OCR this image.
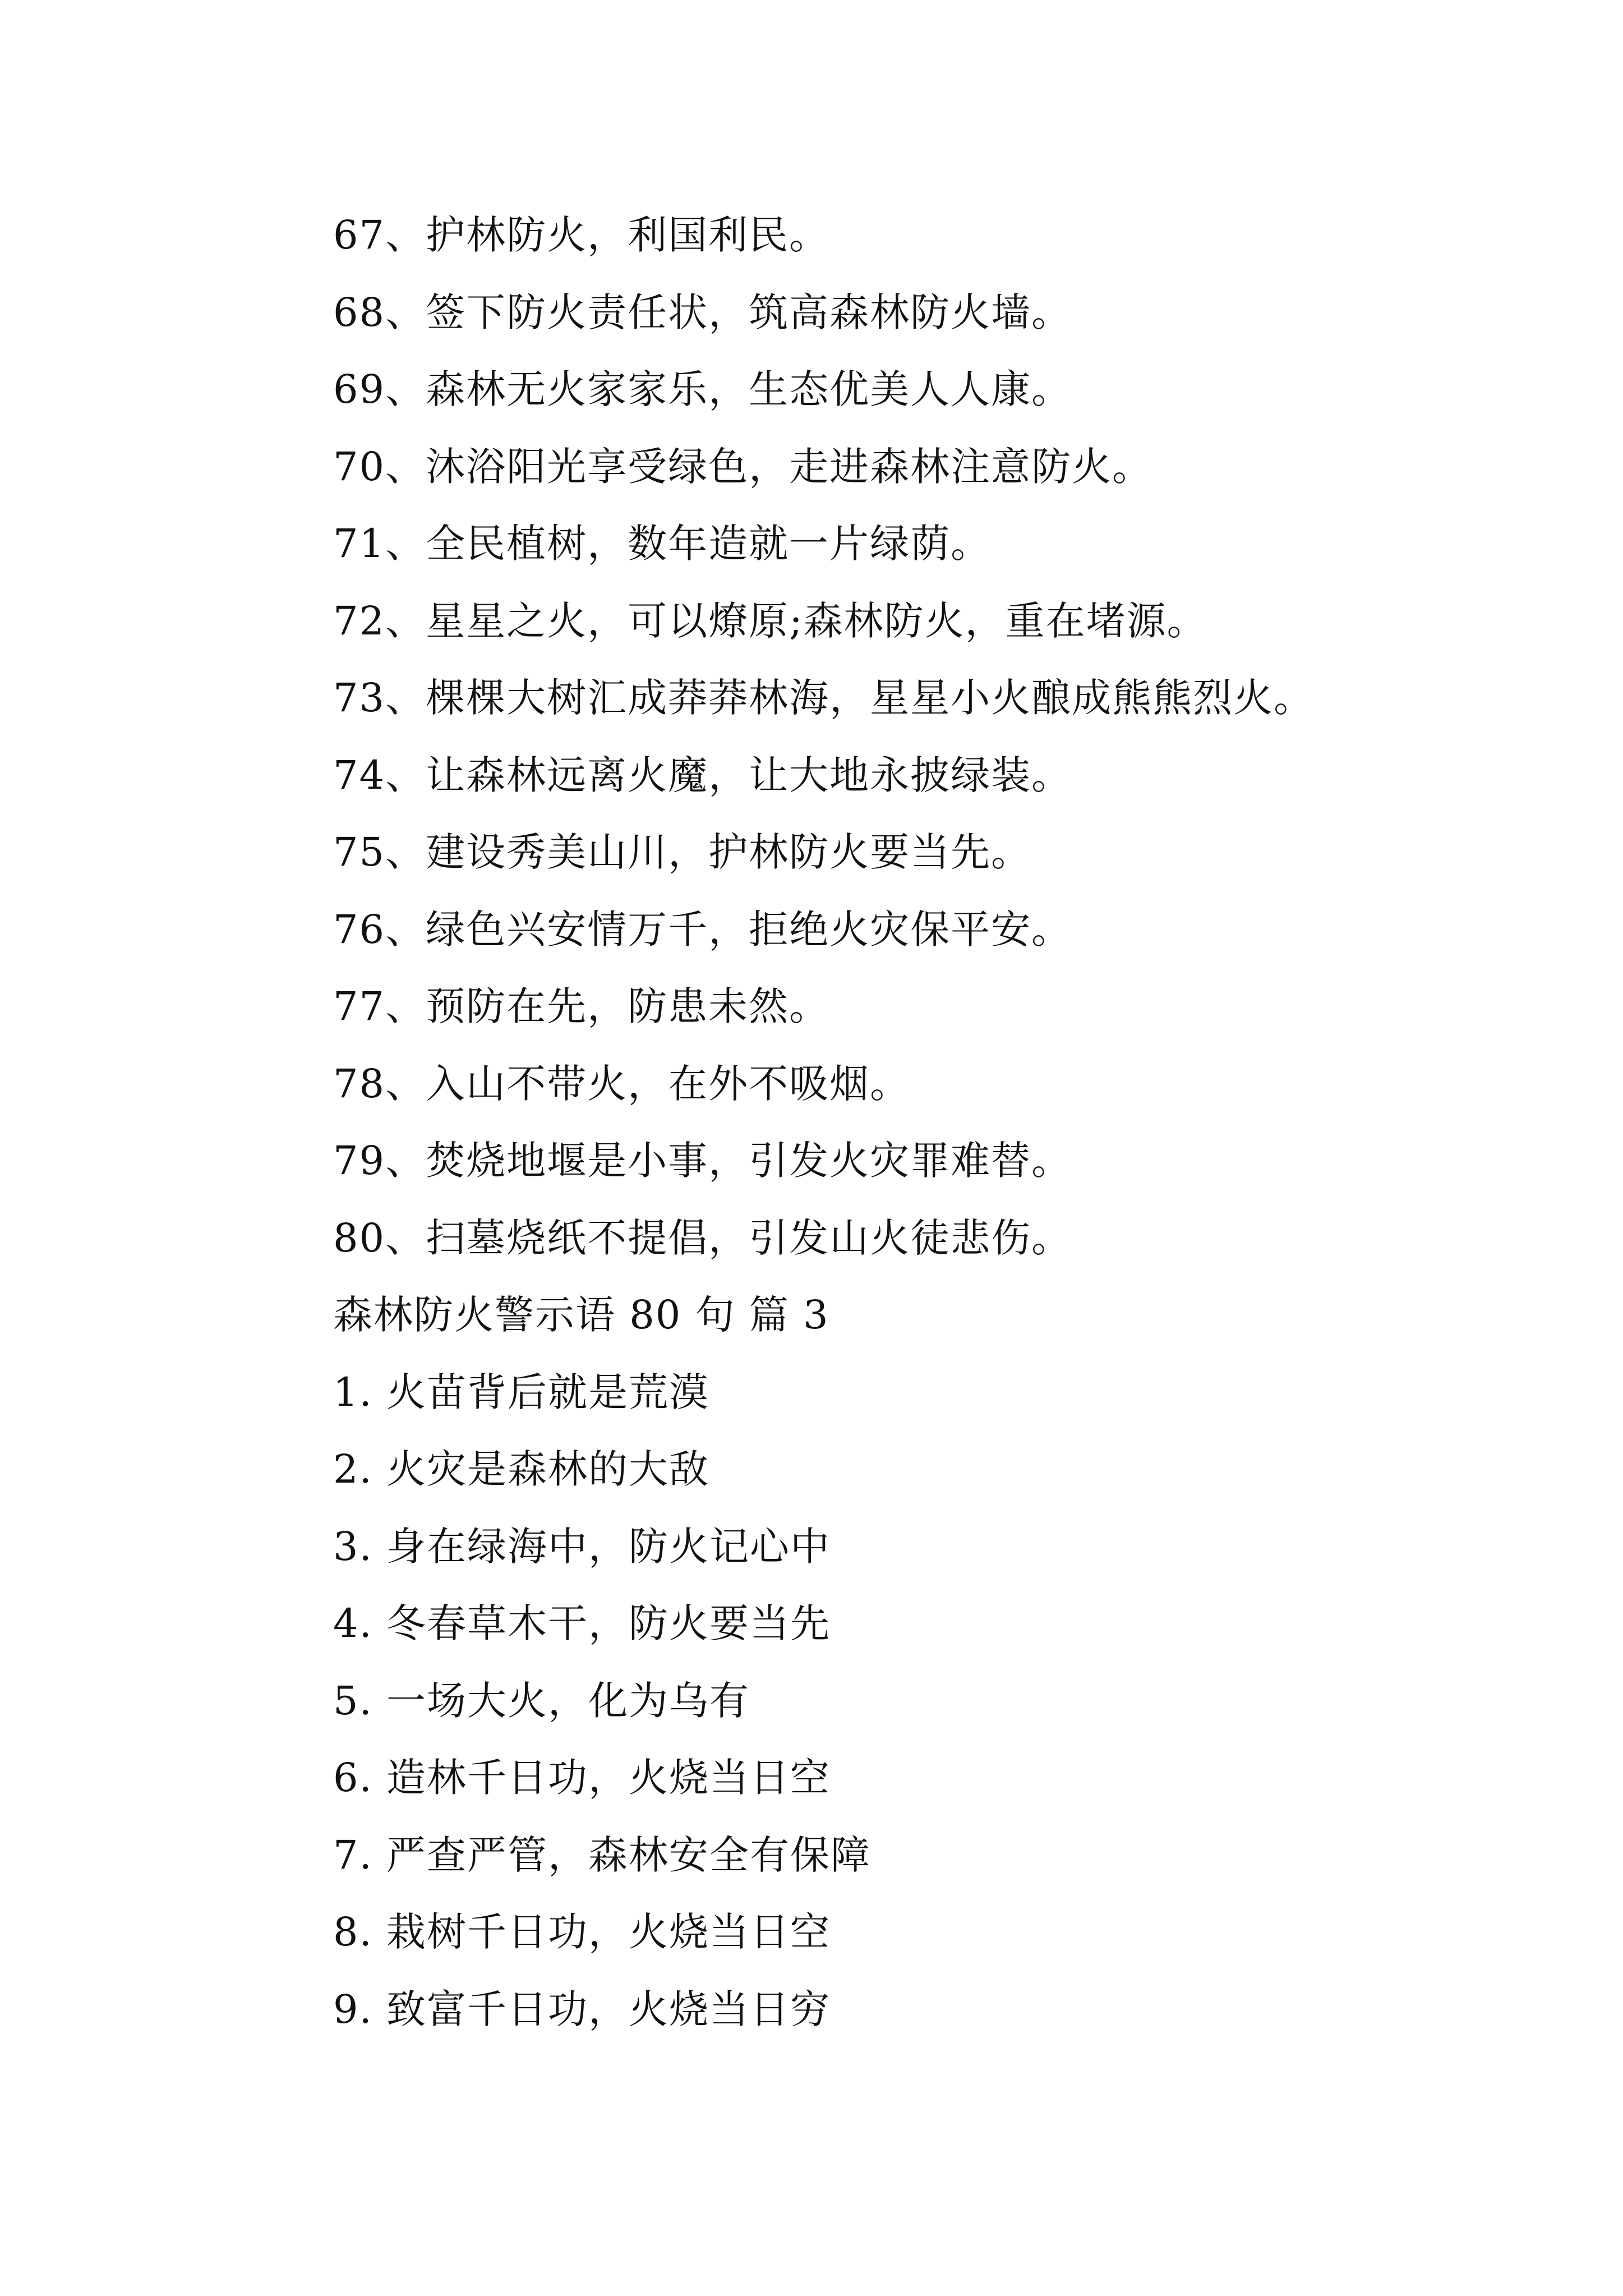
67、护林防火，利国利民。
68、签下防火责任状，筑高森林防火墙。
69、森林无火家家乐，生态优美人人康。
70、沐浴阳光享受绿色，走进森林注意防火。
71、全民植树，数年造就一片绿荫。
72、星星之火，可以燎原;森林防火，重在堵源。
73、棵棵大树汇成莽莽林海，星星小火酿成熊熊烈火。
74、让森林远离火魔，让大地永披绿装。
75、建设秀美山川，护林防火要当先。
76、绿色兴安情万千，拒绝火灾保平安。
77、预防在先，防患未然。
78、入山不带火，在外不吸烟。
79、焚烧地堰是小事，引发火灾罪难替。
80、扫墓烧纸不提倡，引发山火徒悲伤。
森林防火警示语 80 句 篇 3
1. 火苗背后就是荒漠
2. 火灾是森林的大敌
3. 身在绿海中，防火记心中
4. 冬春草木干，防火要当先
5. 一场大火，化为乌有
6. 造林千日功，火烧当日空
7. 严查严管，森林安全有保障
8. 栽树千日功，火烧当日空
9. 致富千日功，火烧当日穷
